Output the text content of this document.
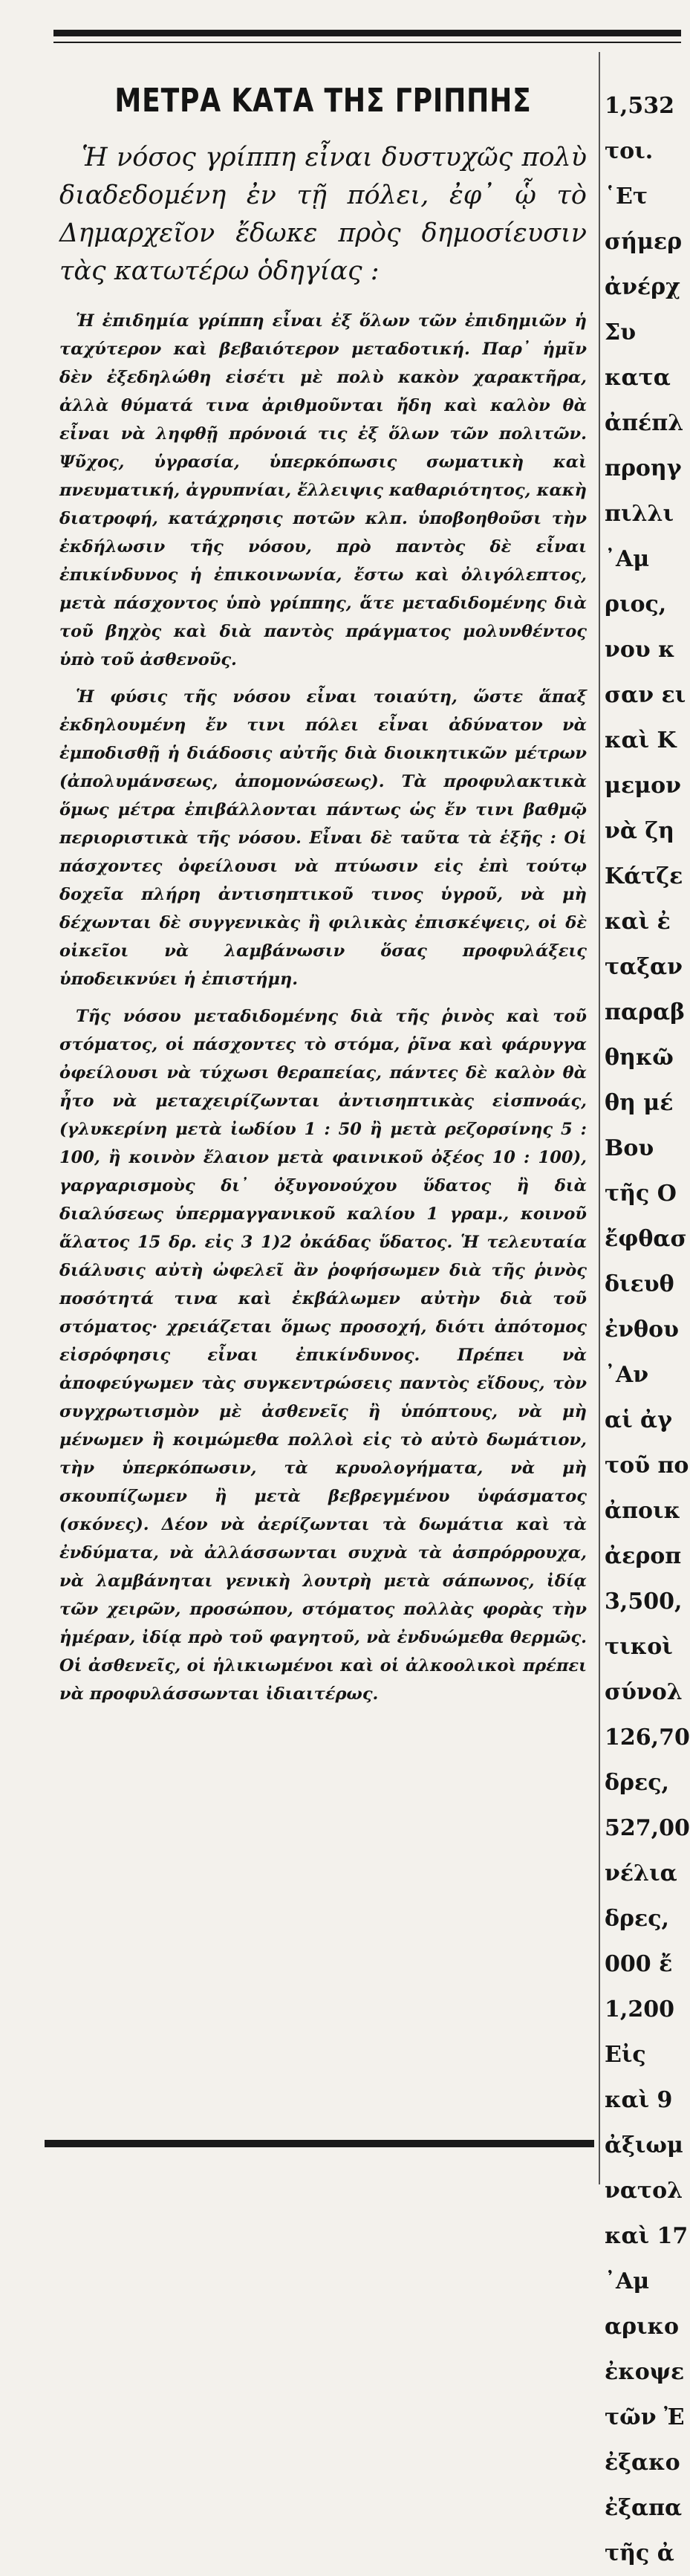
ΜΕΤΡΑ ΚΑΤΑ ΤΗΣ ΓΡΙΠΠΗΣ

Ἡ νόσος γρίππη εἶναι δυστυχῶς πολὺ διαδεδομένη ἐν τῇ πόλει, ἐφ᾽ ᾧ τὸ Δημαρχεῖον ἔδωκε πρὸς δημοσίευσιν τὰς κατωτέρω ὁδηγίας :

Ἡ ἐπιδημία γρίππη εἶναι ἐξ ὅλων τῶν ἐπιδημιῶν ἡ ταχύτερον καὶ βεβαιότερον μεταδοτική. Παρ᾽ ἡμῖν δὲν ἐξεδηλώθη εἰσέτι μὲ πολὺ κακὸν χαρακτῆρα, ἀλλὰ θύματά τινα ἀριθμοῦνται ἤδη καὶ καλὸν θὰ εἶναι νὰ ληφθῇ πρόνοιά τις ἐξ ὅλων τῶν πολιτῶν. Ψῦχος, ὑγρασία, ὑπερκόπωσις σωματικὴ καὶ πνευματική, ἀγρυπνίαι, ἔλλειψις καθαριότητος, κακὴ διατροφή, κατάχρησις ποτῶν κλπ. ὑποβοηθοῦσι τὴν ἐκδήλωσιν τῆς νόσου, πρὸ παντὸς δὲ εἶναι ἐπικίνδυνος ἡ ἐπικοινωνία, ἔστω καὶ ὀλιγόλεπτος, μετὰ πάσχοντος ὑπὸ γρίππης, ἅτε μεταδιδομένης διὰ τοῦ βηχὸς καὶ διὰ παντὸς πράγματος μολυνθέντος ὑπὸ τοῦ ἀσθενοῦς.

Ἡ φύσις τῆς νόσου εἶναι τοιαύτη, ὥστε ἅπαξ ἐκδηλουμένη ἔν τινι πόλει εἶναι ἀδύνατον νὰ ἐμποδισθῇ ἡ διάδοσις αὐτῆς διὰ διοικητικῶν μέτρων (ἀπολυμάνσεως, ἀπομονώσεως). Τὰ προφυλακτικὰ ὅμως μέτρα ἐπιβάλλονται πάντως ὡς ἔν τινι βαθμῷ περιοριστικὰ τῆς νόσου. Εἶναι δὲ ταῦτα τὰ ἑξῆς : Οἱ πάσχοντες ὀφείλουσι νὰ πτύωσιν εἰς ἐπὶ τούτῳ δοχεῖα πλήρη ἀντισηπτικοῦ τινος ὑγροῦ, νὰ μὴ δέχωνται δὲ συγγενικὰς ἢ φιλικὰς ἐπισκέψεις, οἱ δὲ οἰκεῖοι νὰ λαμβάνωσιν ὅσας προφυλάξεις ὑποδεικνύει ἡ ἐπιστήμη.

Τῆς νόσου μεταδιδομένης διὰ τῆς ῥινὸς καὶ τοῦ στόματος, οἱ πάσχοντες τὸ στόμα, ῥῖνα καὶ φάρυγγα ὀφείλουσι νὰ τύχωσι θεραπείας, πάντες δὲ καλὸν θὰ ἦτο νὰ μεταχειρίζωνται ἀντισηπτικὰς εἰσπνοάς, (γλυκερίνη μετὰ ἰωδίου 1 : 50 ἢ μετὰ ρεζορσίνης 5 : 100, ἢ κοινὸν ἔλαιον μετὰ φαινικοῦ ὀξέος 10 : 100), γαργαρισμοὺς δι᾽ ὀξυγονούχου ὕδατος ἢ διὰ διαλύσεως ὑπερμαγγανικοῦ καλίου 1 γραμ., κοινοῦ ἅλατος 15 δρ. εἰς 3 1)2 ὀκάδας ὕδατος. Ἡ τελευταία διάλυσις αὐτὴ ὠφελεῖ ἂν ῥοφήσωμεν διὰ τῆς ῥινὸς ποσότητά τινα καὶ ἐκβάλωμεν αὐτὴν διὰ τοῦ στόματος· χρειάζεται ὅμως προσοχή, διότι ἀπότομος εἰσρόφησις εἶναι ἐπικίνδυνος. Πρέπει νὰ ἀποφεύγωμεν τὰς συγκεντρώσεις παντὸς εἴδους, τὸν συγχρωτισμὸν μὲ ἀσθενεῖς ἢ ὑπόπτους, νὰ μὴ μένωμεν ἢ κοιμώμεθα πολλοὶ εἰς τὸ αὐτὸ δωμάτιον, τὴν ὑπερκόπωσιν, τὰ κρυολογήματα, νὰ μὴ σκουπίζωμεν ἢ μετὰ βεβρεγμένου ὑφάσματος (σκόνες). Δέον νὰ ἀερίζωνται τὰ δωμάτια καὶ τὰ ἐνδύματα, νὰ ἀλλάσσωνται συχνὰ τὰ ἀσπρόρρουχα, νὰ λαμβάνηται γενικὴ λουτρὴ μετὰ σάπωνος, ἰδίᾳ τῶν χειρῶν, προσώπου, στόματος πολλὰς φορὰς τὴν ἡμέραν, ἰδίᾳ πρὸ τοῦ φαγητοῦ, νὰ ἐνδυώμεθα θερμῶς. Οἱ ἀσθενεῖς, οἱ ἡλικιωμένοι καὶ οἱ ἀλκοολικοὶ πρέπει νὰ προφυλάσσωνται ἰδιαιτέρως.

1,532
τοι.
῾Ετ
σήμερ
ἀνέρχ
Συ
κατα
ἀπέπλ
προηγ
πιλλι
᾿Αμ
ριος,
νου κ
σαν ει
καὶ Κ
μεμον
νὰ ζη
Κάτζε
καὶ ἐ
ταξαν
παραβ
θηκῶ
θη μέ
Βου
τῆς Ο
ἔφθασ
διευθ
ἐνθου
᾿Αν
αἱ ἀγ
τοῦ πο
ἀποικ
ἀεροπ
3,500,
τικοὶ
σύνολ
126,70
δρες,
527,00
νέλια
δρες,
000 ἔ
1,200
Εἰς
καὶ 9
ἀξιωμ
νατολ
καὶ 17
᾿Αμ
αρικο
ἐκοψε
τῶν Ἐ
ἐξακο
ἐξαπα
τῆς ἀ
